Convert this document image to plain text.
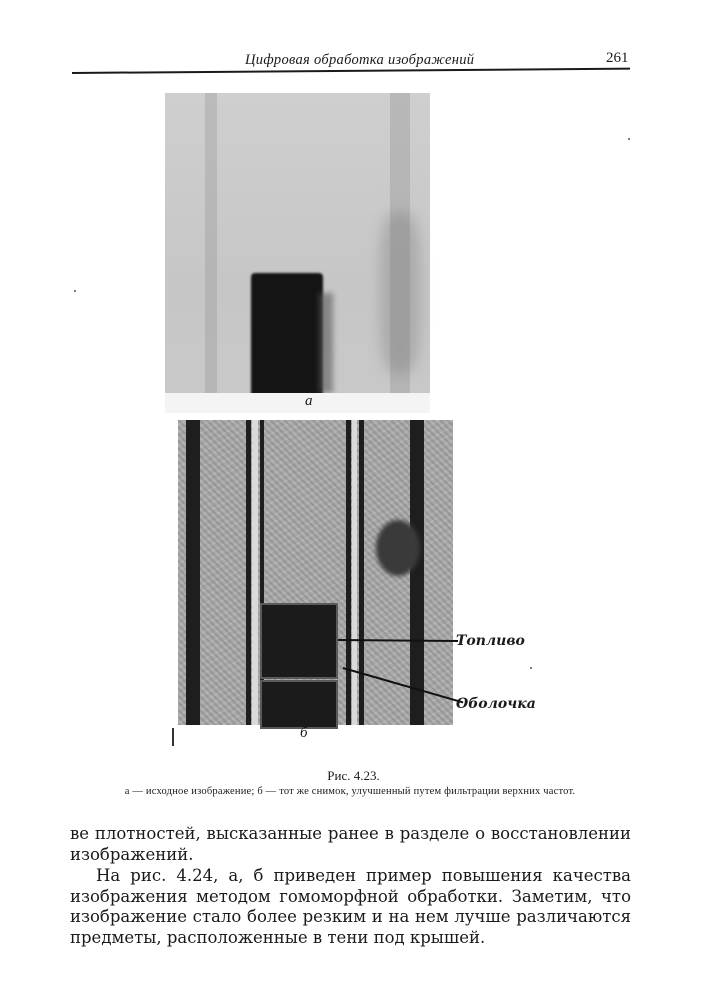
Цифровая обработка изображений	261
a
б
Топливо
Оболочка
Рис. 4.23.
a — исходное изображение; б — тот же снимок, улучшенный путем фильтрации верхних частот.

ве плотностей, высказанные ранее в разделе о восстановлении изображений.

На рис. 4.24, a, б приведен пример повышения качества изображения методом гомоморфной обработки. Заметим, что изображение стало более резким и на нем лучше различаются предметы, расположенные в тени под крышей.
